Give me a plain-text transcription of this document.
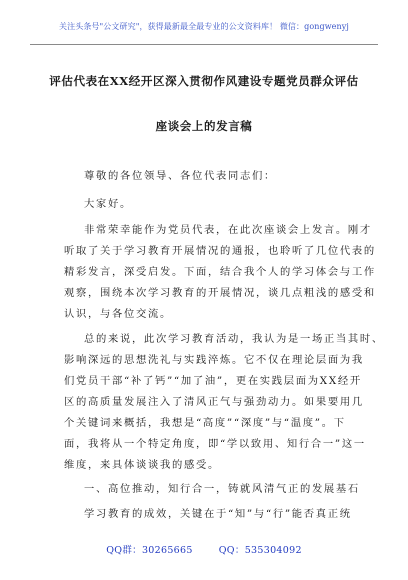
关注头条号"公文研究"，获得最新最全最专业的公文资料库！ 微信：gongwenyj
评估代表在XX经开区深入贯彻作风建设专题党员群众评估
座谈会上的发言稿
尊敬的各位领导、各位代表同志们：
大家好。
非常荣幸能作为党员代表，在此次座谈会上发言。刚才
听取了关于学习教育开展情况的通报，也聆听了几位代表的
精彩发言，深受启发。下面，结合我个人的学习体会与工作
观察，围绕本次学习教育的开展情况，谈几点粗浅的感受和
认识，与各位交流。
总的来说，此次学习教育活动，我认为是一场正当其时、
影响深远的思想洗礼与实践淬炼。它不仅在理论层面为我
们党员干部“补了钙”“加了油”，更在实践层面为XX经开
区的高质量发展注入了清风正气与强劲动力。如果要用几
个关键词来概括，我想是“高度”“深度”与“温度”。下
面，我将从一个特定角度，即“学以致用、知行合一”这一
维度，来具体谈谈我的感受。
一、高位推动，知行合一，铸就风清气正的发展基石
学习教育的成效，关键在于“知”与“行”能否真正统
QQ群：30265665	QQ：535304092
